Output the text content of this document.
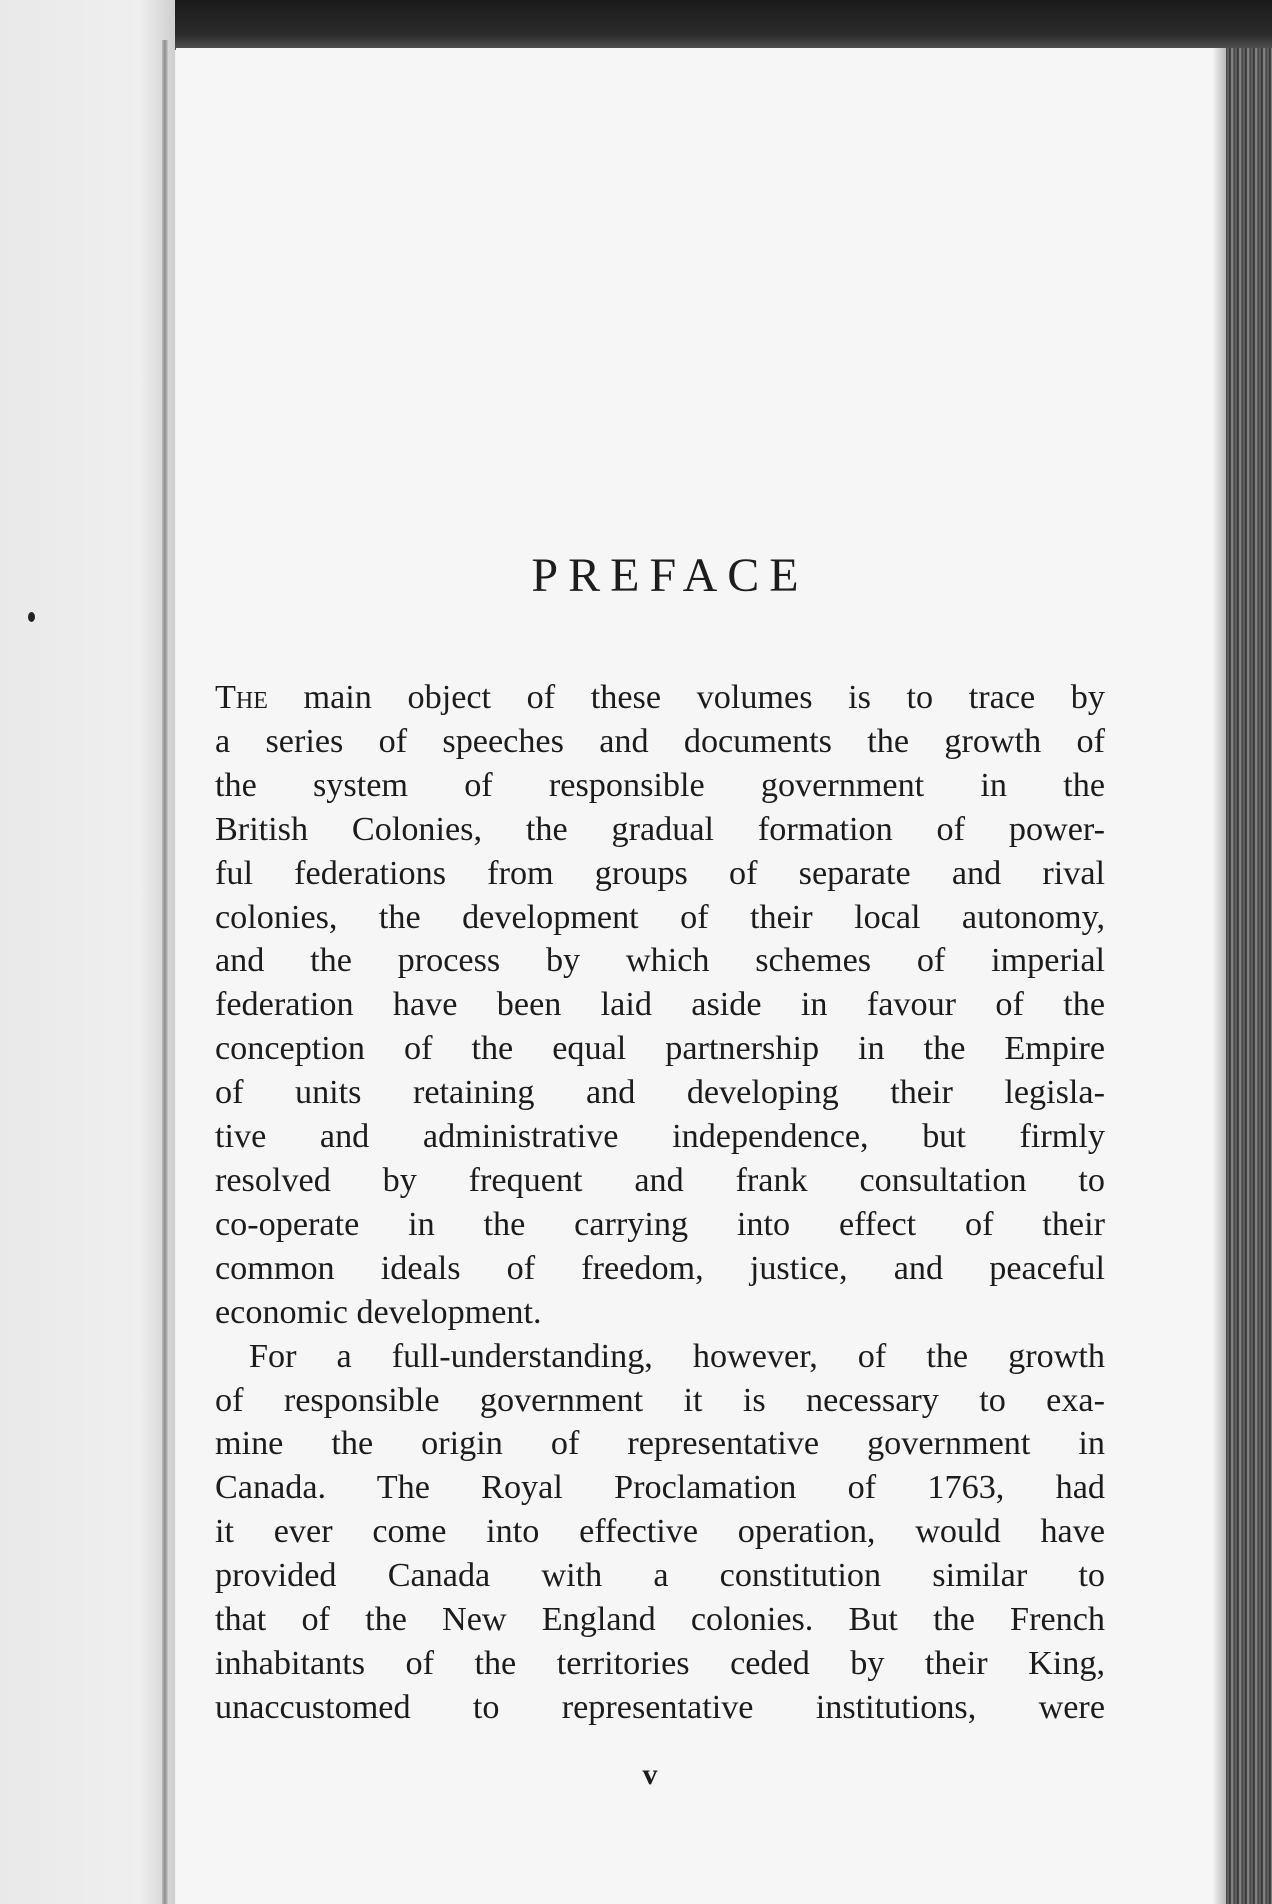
PREFACE
The main object of these volumes is to trace by
a series of speeches and documents the growth of
the system of responsible government in the
British Colonies, the gradual formation of power-
ful federations from groups of separate and rival
colonies, the development of their local autonomy,
and the process by which schemes of imperial
federation have been laid aside in favour of the
conception of the equal partnership in the Empire
of units retaining and developing their legisla-
tive and administrative independence, but firmly
resolved by frequent and frank consultation to
co-operate in the carrying into effect of their
common ideals of freedom, justice, and peaceful
economic development.
For a full-understanding, however, of the growth
of responsible government it is necessary to exa-
mine the origin of representative government in
Canada. The Royal Proclamation of 1763, had
it ever come into effective operation, would have
provided Canada with a constitution similar to
that of the New England colonies. But the French
inhabitants of the territories ceded by their King,
unaccustomed to representative institutions, were
v
